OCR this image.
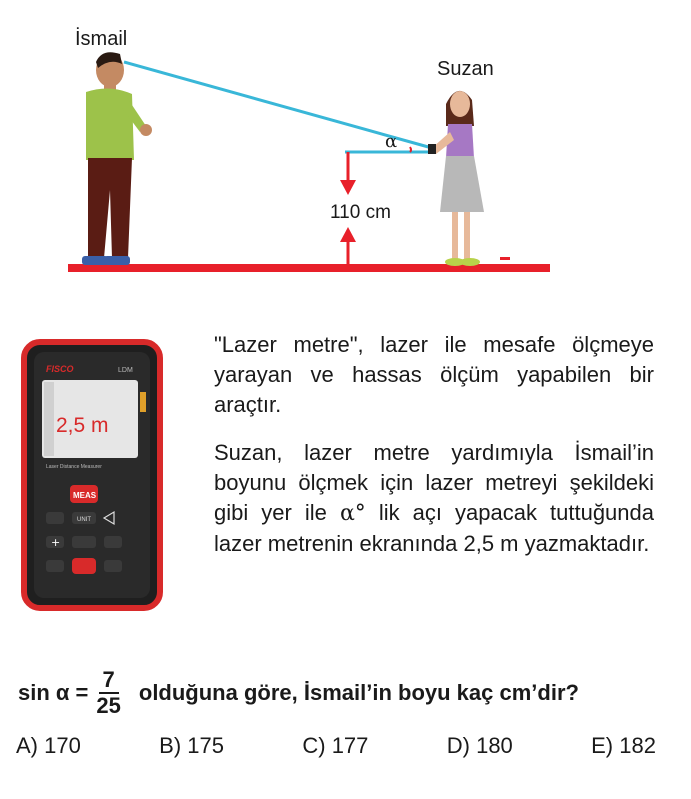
İsmail
Suzan
α
110 cm
FISCO	LDM
2,5 m
Laser Distance Measurer
MEAS
UNIT
+

"Lazer metre", lazer ile mesafe ölçmeye yarayan ve hassas ölçüm yapabilen bir araçtır.

Suzan, lazer metre yardımıyla İsmail’in boyunu ölçmek için lazer metreyi şekildeki gibi yer ile α° lik açı yapacak tuttuğunda lazer metrenin ekranında 2,5 m yazmaktadır.

$\sin \alpha = \frac{7}{25}$ olduğuna göre, İsmail’in boyu kaç cm’dir?
A) 170	B) 175	C) 177	D) 180	E) 182
